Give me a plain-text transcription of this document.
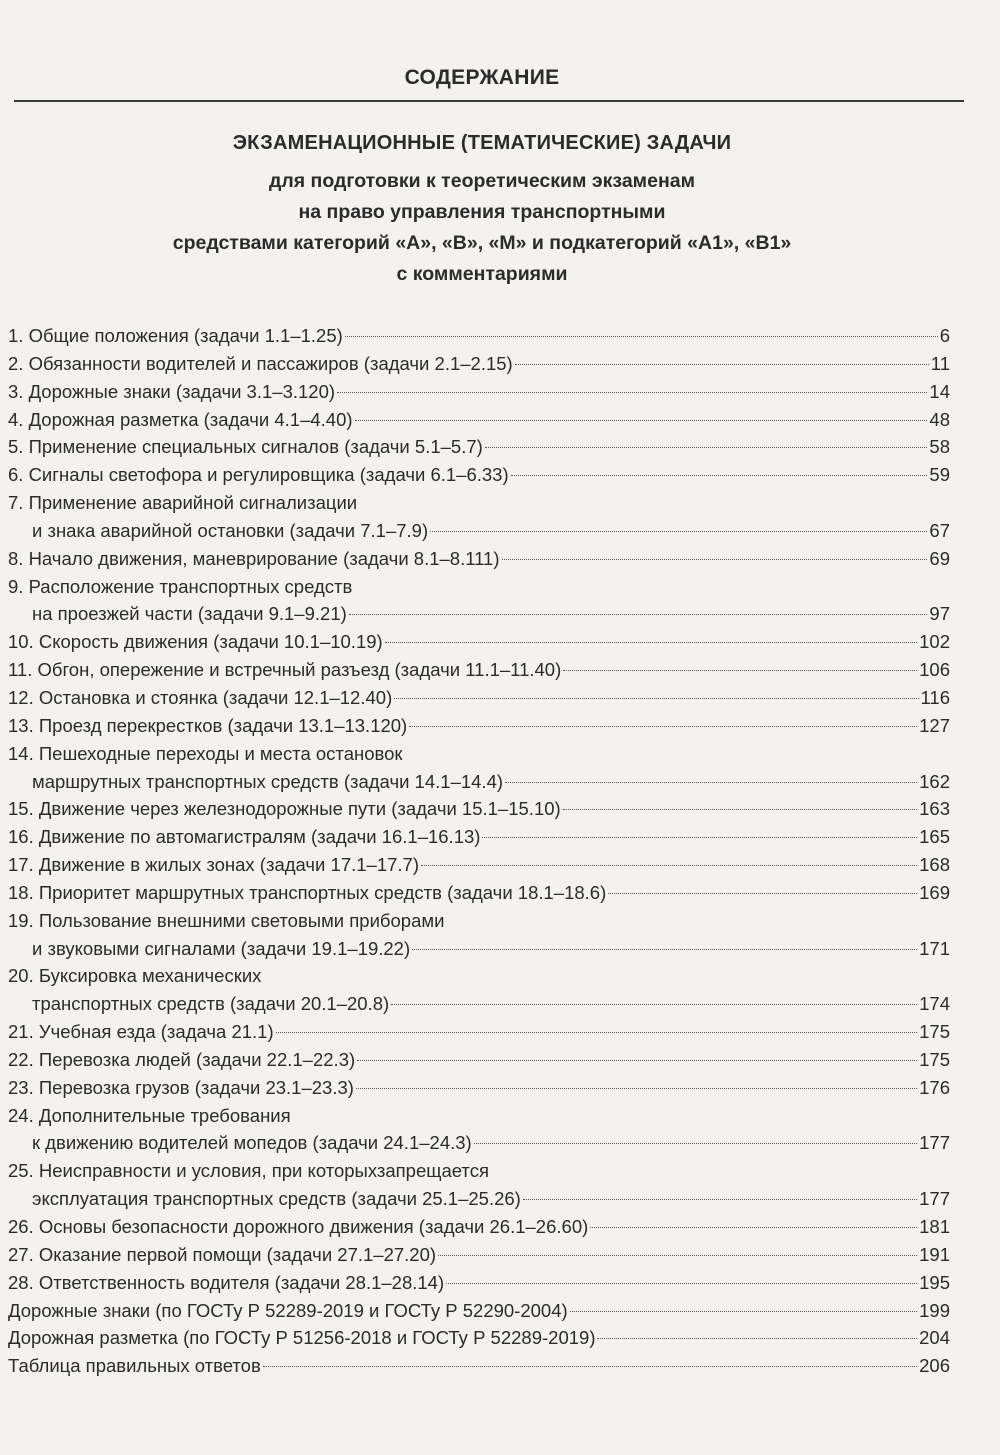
СОДЕРЖАНИЕ
ЭКЗАМЕНАЦИОННЫЕ (ТЕМАТИЧЕСКИЕ) ЗАДАЧИ
для подготовки к теоретическим экзаменам
на право управления транспортными
средствами категорий «А», «В», «М» и подкатегорий «А1», «В1»
с комментариями
1. Общие положения (задачи 1.1–1.25)	6
2. Обязанности водителей и пассажиров (задачи 2.1–2.15)	11
3. Дорожные знаки (задачи 3.1–3.120)	14
4. Дорожная разметка (задачи 4.1–4.40)	48
5. Применение специальных сигналов (задачи 5.1–5.7)	58
6. Сигналы светофора и регулировщика (задачи 6.1–6.33)	59
7. Применение аварийной сигнализации
и знака аварийной остановки (задачи 7.1–7.9)	67
8. Начало движения, маневрирование (задачи 8.1–8.111)	69
9. Расположение транспортных средств
на проезжей части (задачи 9.1–9.21)	97
10. Скорость движения (задачи 10.1–10.19)	102
11. Обгон, опережение и встречный разъезд (задачи 11.1–11.40)	106
12. Остановка и стоянка (задачи 12.1–12.40)	116
13. Проезд перекрестков (задачи 13.1–13.120)	127
14. Пешеходные переходы и места остановок
маршрутных транспортных средств (задачи 14.1–14.4)	162
15. Движение через железнодорожные пути (задачи 15.1–15.10)	163
16. Движение по автомагистралям (задачи 16.1–16.13)	165
17. Движение в жилых зонах (задачи 17.1–17.7)	168
18. Приоритет маршрутных транспортных средств (задачи 18.1–18.6)	169
19. Пользование внешними световыми приборами
и звуковыми сигналами (задачи 19.1–19.22)	171
20. Буксировка механических
транспортных средств (задачи 20.1–20.8)	174
21. Учебная езда (задача 21.1)	175
22. Перевозка людей (задачи 22.1–22.3)	175
23. Перевозка грузов (задачи 23.1–23.3)	176
24. Дополнительные требования
к движению водителей мопедов (задачи 24.1–24.3)	177
25. Неисправности и условия, при которыхзапрещается
эксплуатация транспортных средств (задачи 25.1–25.26)	177
26. Основы безопасности дорожного движения (задачи 26.1–26.60)	181
27. Оказание первой помощи (задачи 27.1–27.20)	191
28. Ответственность водителя (задачи 28.1–28.14)	195
Дорожные знаки (по ГОСТу Р 52289-2019 и ГОСТу Р 52290-2004)	199
Дорожная разметка (по ГОСТу Р 51256-2018 и ГОСТу Р 52289-2019)	204
Таблица правильных ответов	206
